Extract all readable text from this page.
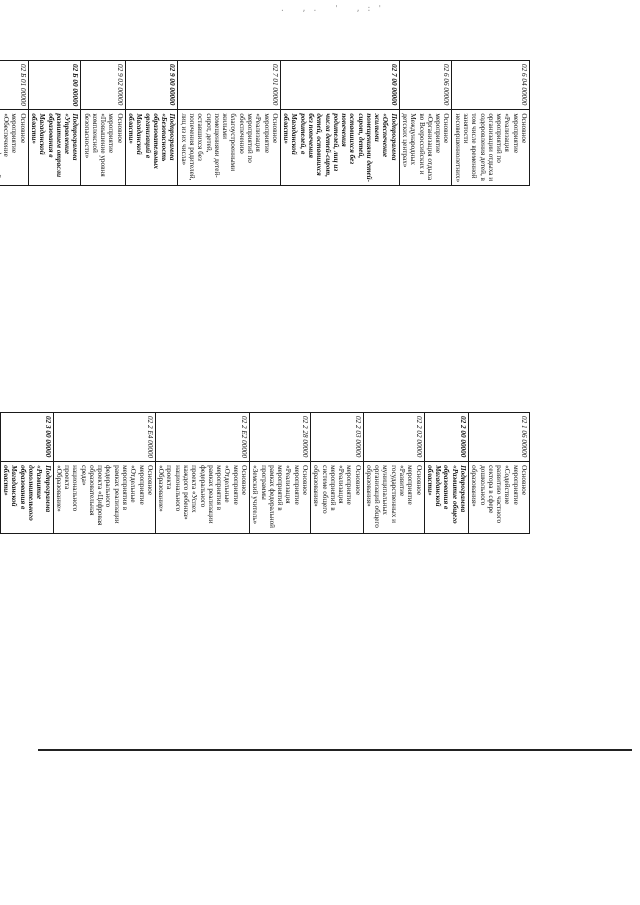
. ,. ' ,:'
02 6 04 00000	Основное мероприятие «Реализация мероприятий по организации отдыха и оздоровления детей, в том числе временной занятости несовершеннолетних»
02 6 06 00000	Основное мероприятие «Организация отдыха во Всероссийских и Международных детских центрах»
02 7 00 00000	Подпрограмма «Обеспечение жилыми помещениями детей-сирот, детей, оставшихся без попечения родителей, лиц из числа детей-сирот, детей, оставшихся без попечения родителей, в Магаданской области»
02 7 01 00000	Основное мероприятие «Реализация мероприятий по обеспечению благоустроенными жилыми помещениями детей-сирот, детей, оставшихся без попечения родителей, лиц из их числа»
02 9 00 00000	Подпрограмма «Безопасность образовательных организаций в Магаданской области»
02 9 02 00000	Основное мероприятие «Повышение уровня комплексной безопасности»
02 Б 00 00000	Подпрограмма «Управление развитием отрасли образования в Магаданской области»
02 Б 01 00000	Основное мероприятие «Обеспечение

02 1 06 00000	Основное мероприятие «Содействие развитию частного сектора в сфере дошкольного образования»
02 2 00 00000	Подпрограмма «Развитие общего образования в Магаданской области»
02 2 02 00000	Основное мероприятие «Развитие государственных и муниципальных организаций общего образования»
02 2 03 00000	Основное мероприятие «Реализация мероприятий в системе общего образования»
02 2 28 00000	Основное мероприятие «Реализация мероприятий в рамках федеральной программы «Земский учитель»
02 2 Е2 00000	Основное мероприятие «Отдельные мероприятия в рамках реализации федерального проекта «Успех каждого ребенка» национального проекта «Образование»
02 2 Е4 00000	Основное мероприятие «Отдельные мероприятия в рамках реализации федерального проекта «Цифровая образовательная среда» национального проекта «Образование»
02 3 00 00000	Подпрограмма «Развитие дополнительного образования в Магаданской области»
